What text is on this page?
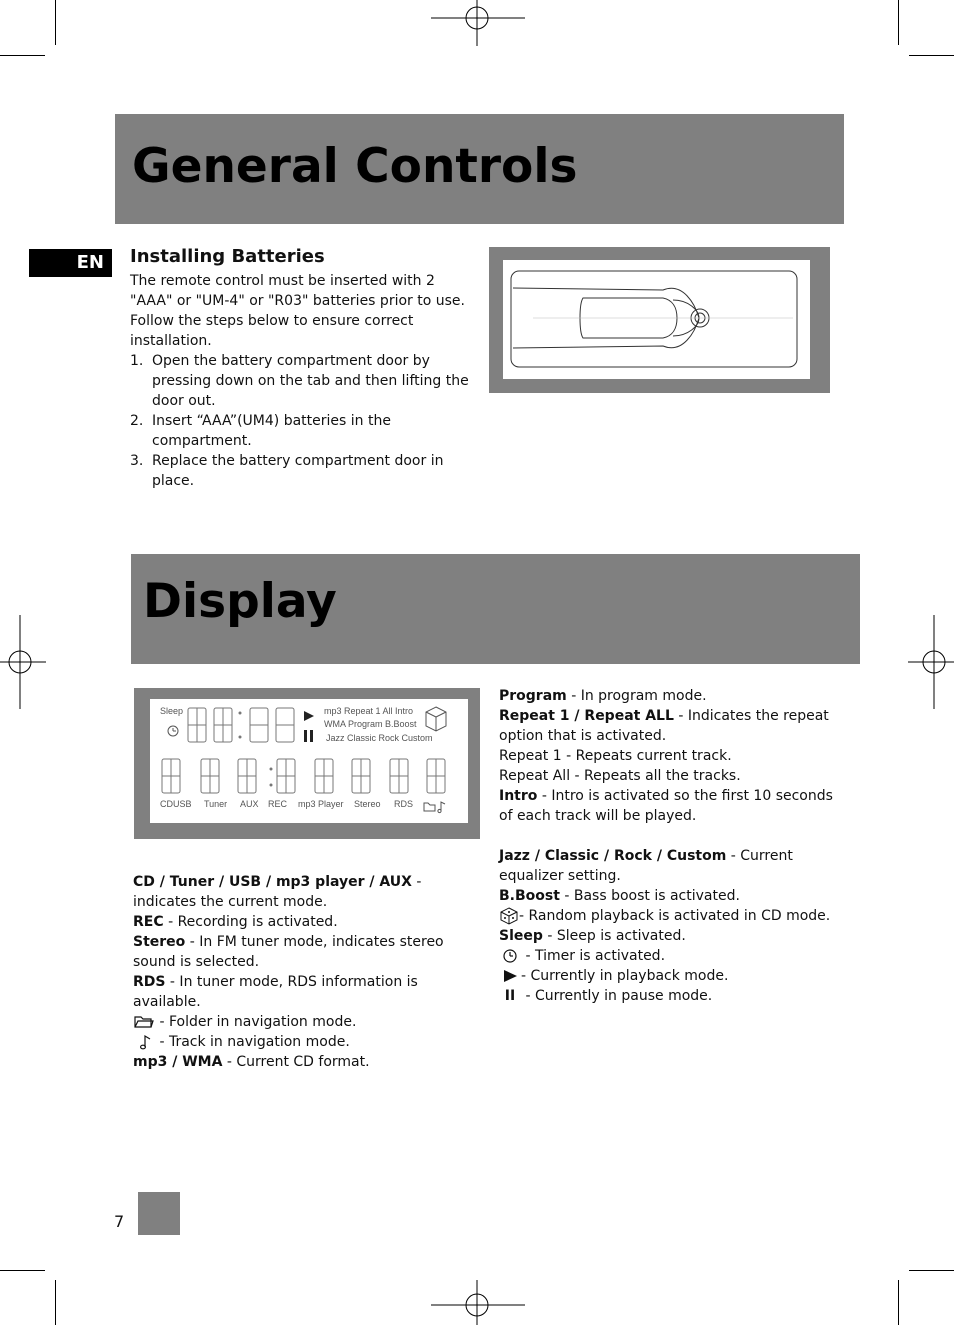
General Controls
EN Installing Batteries

The remote control must be inserted with 2 "AAA" or "UM-4" or "R03" batteries prior to use. Follow the steps below to ensure correct installation.

1. Open the battery compartment door by pressing down on the tab and then lifting the door out.
2. Insert “AAA”(UM4) batteries in the compartment.
3. Replace the battery compartment door in place.
Display
Sleep	mp3 Repeat 1 All Intro
WMA Program B.Boost
Jazz Classic Rock Custom
CDUSB Tuner AUX REC mp3 Player Stereo RDS

CD / Tuner / USB / mp3 player / AUX - indicates the current mode.

REC - Recording is activated.

Stereo - In FM tuner mode, indicates stereo sound is selected.

RDS - In tuner mode, RDS information is available.

- Folder in navigation mode.

- Track in navigation mode.

mp3 / WMA - Current CD format.

Program - In program mode.

Repeat 1 / Repeat ALL - Indicates the repeat option that is activated.

Repeat 1 - Repeats current track.

Repeat All - Repeats all the tracks.

Intro - Intro is activated so the first 10 seconds of each track will be played.

Jazz / Classic / Rock / Custom - Current equalizer setting.

B.Boost - Bass boost is activated.

- Random playback is activated in CD mode.

Sleep - Sleep is activated.

- Timer is activated.

- Currently in playback mode.

II - Currently in pause mode.

7
